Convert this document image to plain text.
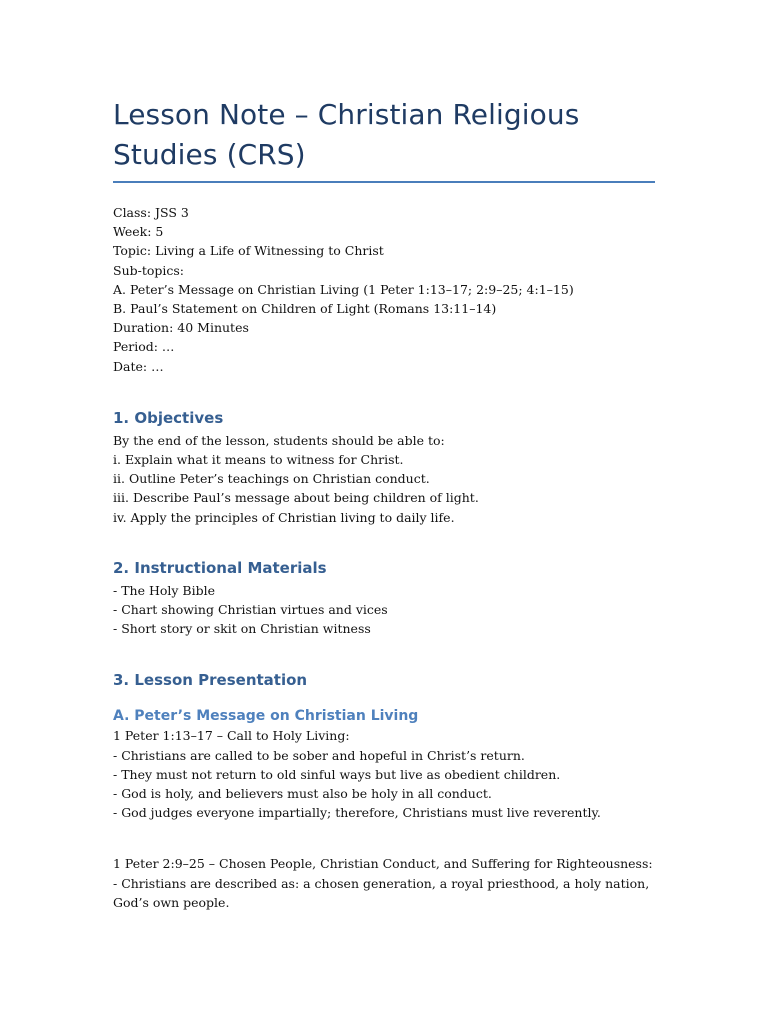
Lesson Note – Christian Religious Studies (CRS)
Class: JSS 3
Week: 5
Topic: Living a Life of Witnessing to Christ
Sub-topics:
A. Peter’s Message on Christian Living (1 Peter 1:13–17; 2:9–25; 4:1–15)
B. Paul’s Statement on Children of Light (Romans 13:11–14)
Duration: 40 Minutes
Period: …
Date: …
1. Objectives
By the end of the lesson, students should be able to:
i. Explain what it means to witness for Christ.
ii. Outline Peter’s teachings on Christian conduct.
iii. Describe Paul’s message about being children of light.
iv. Apply the principles of Christian living to daily life.
2. Instructional Materials
- The Holy Bible
- Chart showing Christian virtues and vices
- Short story or skit on Christian witness
3. Lesson Presentation
A. Peter’s Message on Christian Living
1 Peter 1:13–17 – Call to Holy Living:
- Christians are called to be sober and hopeful in Christ’s return.
- They must not return to old sinful ways but live as obedient children.
- God is holy, and believers must also be holy in all conduct.
- God judges everyone impartially; therefore, Christians must live reverently.
1 Peter 2:9–25 – Chosen People, Christian Conduct, and Suffering for Righteousness:
- Christians are described as: a chosen generation, a royal priesthood, a holy nation, God’s own people.
